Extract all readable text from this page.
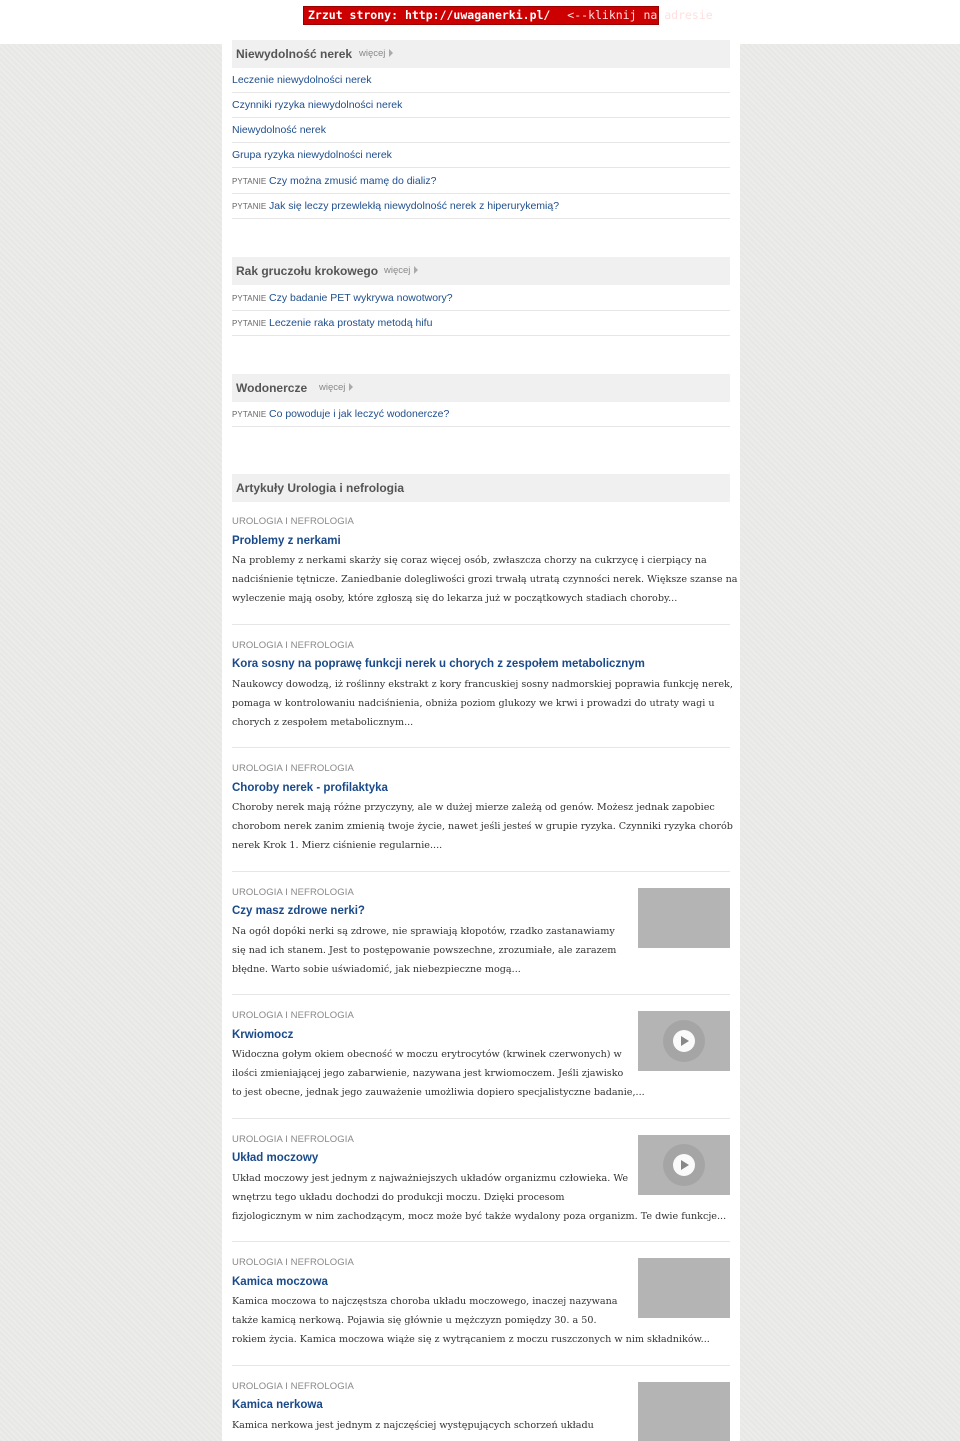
Zrzut strony: http://uwaganerki.pl/ <--kliknij na adresie
Niewydolność nerek więcej
Leczenie niewydolności nerek
Czynniki ryzyka niewydolności nerek
Niewydolność nerek
Grupa ryzyka niewydolności nerek
PYTANIE Czy można zmusić mamę do dializ?
PYTANIE Jak się leczy przewlekłą niewydolność nerek z hiperurykemią?
Rak gruczołu krokowego więcej
PYTANIE Czy badanie PET wykrywa nowotwory?
PYTANIE Leczenie raka prostaty metodą hifu
Wodonercze więcej
PYTANIE Co powoduje i jak leczyć wodonercze?
Artykuły Urologia i nefrologia
UROLOGIA I NEFROLOGIA
Problemy z nerkami
Na problemy z nerkami skarży się coraz więcej osób, zwłaszcza chorzy na cukrzycę i cierpiący na
nadciśnienie tętnicze. Zaniedbanie dolegliwości grozi trwałą utratą czynności nerek. Większe szanse na
wyleczenie mają osoby, które zgłoszą się do lekarza już w początkowych stadiach choroby...
UROLOGIA I NEFROLOGIA
Kora sosny na poprawę funkcji nerek u chorych z zespołem metabolicznym
Naukowcy dowodzą, iż roślinny ekstrakt z kory francuskiej sosny nadmorskiej poprawia funkcję nerek,
pomaga w kontrolowaniu nadciśnienia, obniża poziom glukozy we krwi i prowadzi do utraty wagi u
chorych z zespołem metabolicznym...
UROLOGIA I NEFROLOGIA
Choroby nerek - profilaktyka
Choroby nerek mają różne przyczyny, ale w dużej mierze zależą od genów. Możesz jednak zapobiec
chorobom nerek zanim zmienią twoje życie, nawet jeśli jesteś w grupie ryzyka. Czynniki ryzyka chorób
nerek Krok 1. Mierz ciśnienie regularnie....
UROLOGIA I NEFROLOGIA
Czy masz zdrowe nerki?
Na ogół dopóki nerki są zdrowe, nie sprawiają kłopotów, rzadko zastanawiamy
się nad ich stanem. Jest to postępowanie powszechne, zrozumiałe, ale zarazem
błędne. Warto sobie uświadomić, jak niebezpieczne mogą...
UROLOGIA I NEFROLOGIA
Krwiomocz
Widoczna gołym okiem obecność w moczu erytrocytów (krwinek czerwonych) w
ilości zmieniającej jego zabarwienie, nazywana jest krwiomoczem. Jeśli zjawisko
to jest obecne, jednak jego zauważenie umożliwia dopiero specjalistyczne badanie,...
UROLOGIA I NEFROLOGIA
Układ moczowy
Układ moczowy jest jednym z najważniejszych układów organizmu człowieka. We
wnętrzu tego układu dochodzi do produkcji moczu. Dzięki procesom
fizjologicznym w nim zachodzącym, mocz może być także wydalony poza organizm. Te dwie funkcje...
UROLOGIA I NEFROLOGIA
Kamica moczowa
Kamica moczowa to najczęstsza choroba układu moczowego, inaczej nazywana
także kamicą nerkową. Pojawia się głównie u mężczyzn pomiędzy 30. a 50.
rokiem życia. Kamica moczowa wiąże się z wytrącaniem z moczu ruszczonych w nim składników...
UROLOGIA I NEFROLOGIA
Kamica nerkowa
Kamica nerkowa jest jednym z najczęściej występujących schorzeń układu
